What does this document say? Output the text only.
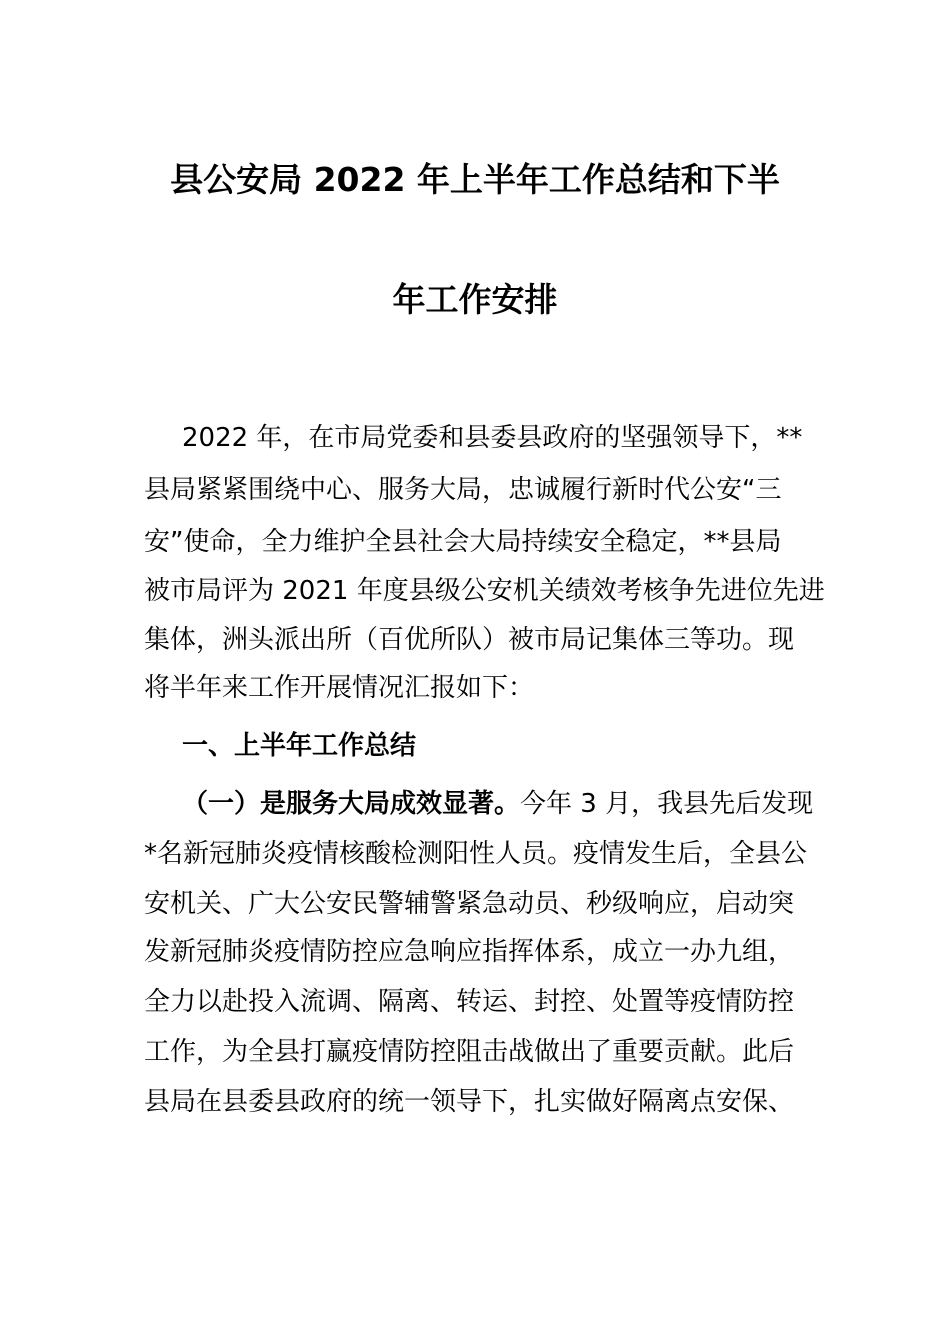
县公安局 2022 年上半年工作总结和下半
年工作安排
2022 年，在市局党委和县委县政府的坚强领导下，**
县局紧紧围绕中心、服务大局，忠诚履行新时代公安“三
安”使命，全力维护全县社会大局持续安全稳定，**县局
被市局评为 2021 年度县级公安机关绩效考核争先进位先进
集体，洲头派出所（百优所队）被市局记集体三等功。现
将半年来工作开展情况汇报如下：
一、上半年工作总结
（一）是服务大局成效显著。今年 3 月，我县先后发现
*名新冠肺炎疫情核酸检测阳性人员。疫情发生后，全县公
安机关、广大公安民警辅警紧急动员、秒级响应，启动突
发新冠肺炎疫情防控应急响应指挥体系，成立一办九组，
全力以赴投入流调、隔离、转运、封控、处置等疫情防控
工作，为全县打赢疫情防控阻击战做出了重要贡献。此后
县局在县委县政府的统一领导下，扎实做好隔离点安保、
